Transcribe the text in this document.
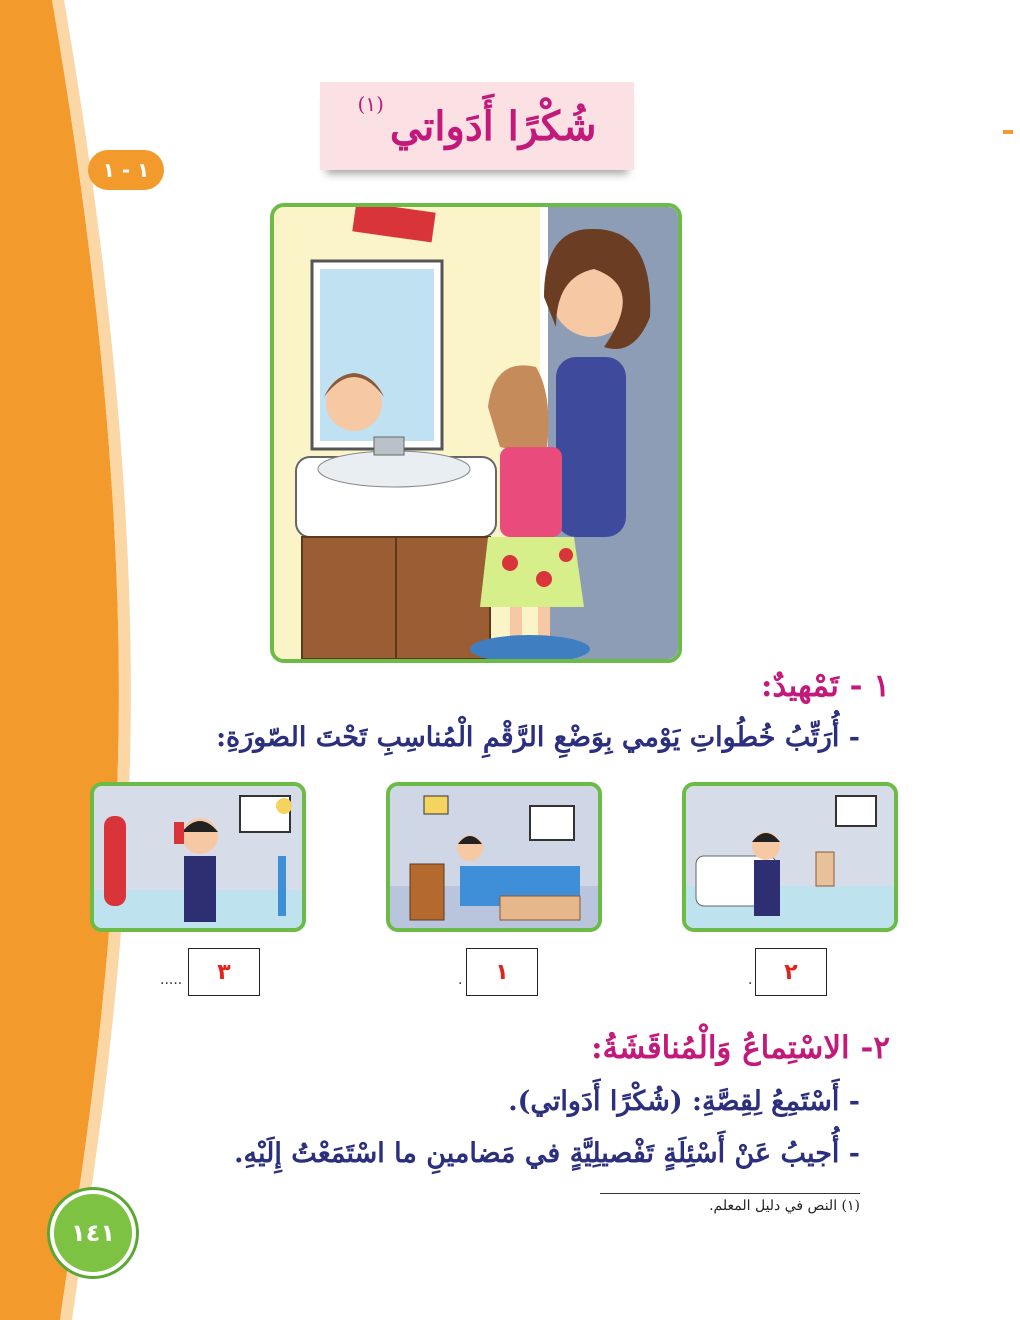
١ - ١
شُكْرًا أَدَواتي
(١)
١ - تَمْهيدٌ:
- أُرَتِّبُ خُطُواتِ يَوْمي بِوَضْعِ الرَّقْمِ الْمُناسِبِ تَحْتَ الصّورَةِ:
٢
.
١
.
٣
.....
٢- الاسْتِماعُ وَالْمُناقَشَةُ:
- أَسْتَمِعُ لِقِصَّةِ: (شُكْرًا أَدَواتي).
- أُجيبُ عَنْ أَسْئِلَةٍ تَفْصيلِيَّةٍ في مَضامينِ ما اسْتَمَعْتُ إِلَيْهِ.
(١) النص في دليل المعلم.
١٤١
